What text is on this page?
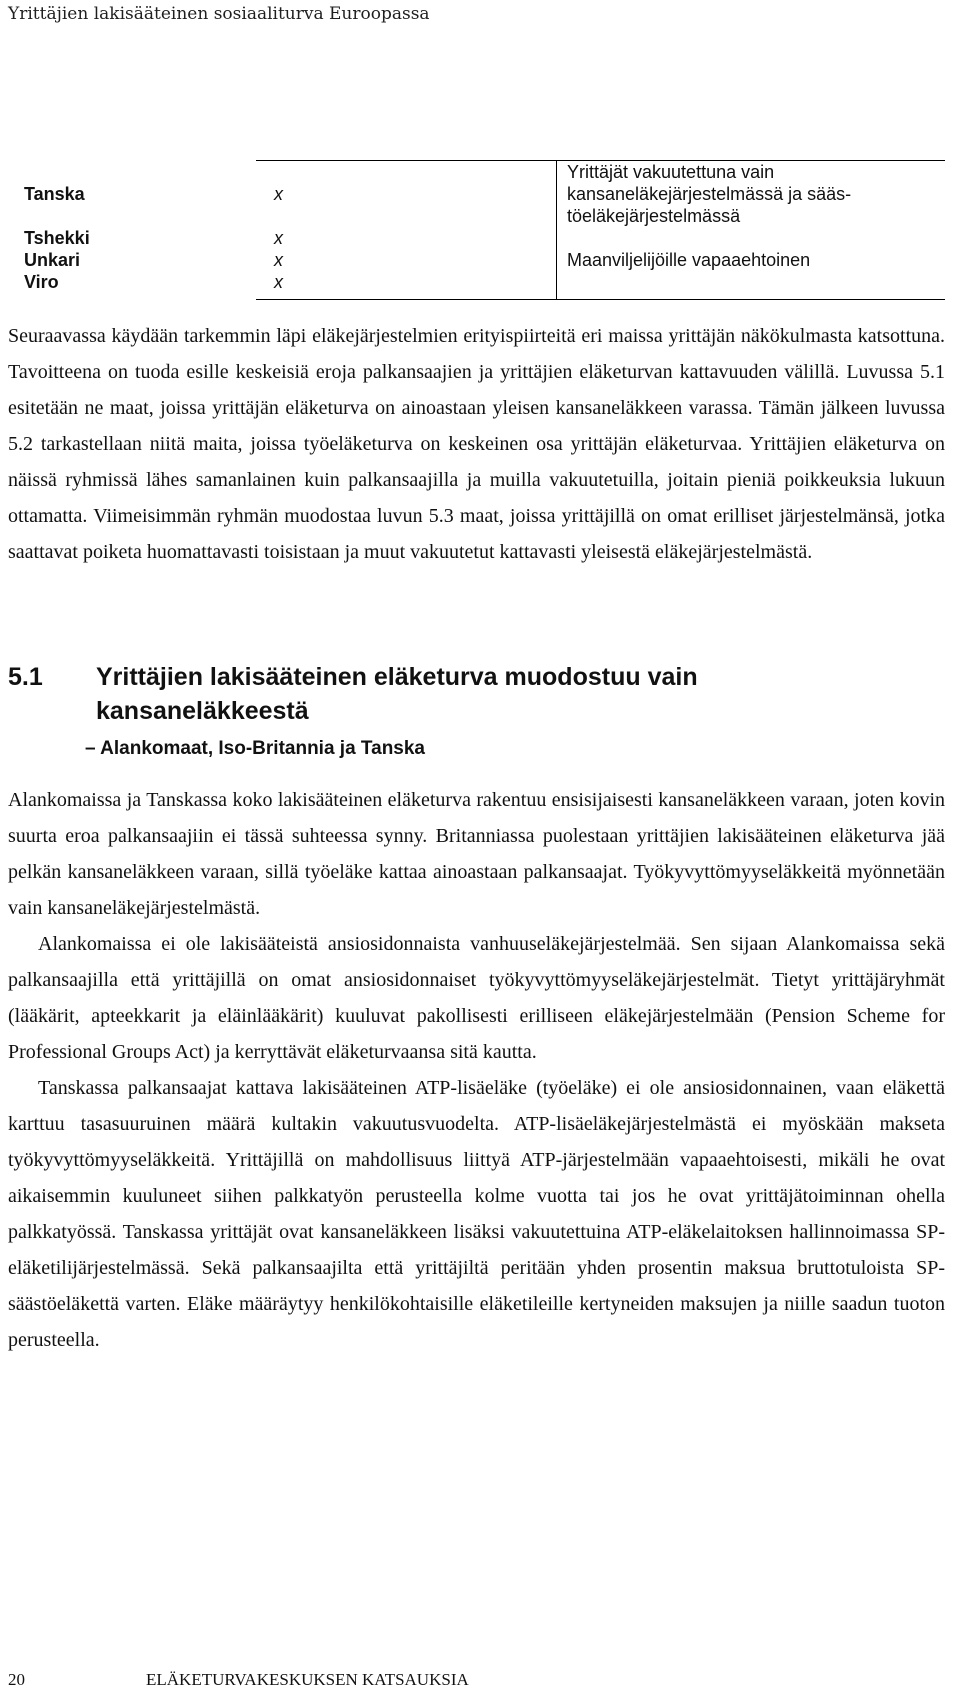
Yrittäjien lakisääteinen sosiaaliturva Euroopassa
Tanska	x	Yrittäjät vakuutettuna vain kansaneläkejärjestelmässä ja säästöeläkejärjestelmässä
Tshekki	x	
Unkari	x	Maanviljelijöille vapaaehtoinen
Viro	x	
Seuraavassa käydään tarkemmin läpi eläkejärjestelmien erityispiirteitä eri maissa yrittäjän näkökulmasta katsottuna. Tavoitteena on tuoda esille keskeisiä eroja palkansaajien ja yrittäjien eläketurvan kattavuuden välillä. Luvussa 5.1 esitetään ne maat, joissa yrittäjän eläketurva on ainoastaan yleisen kansaneläkkeen varassa. Tämän jälkeen luvussa 5.2 tarkastellaan niitä maita, joissa työeläketurva on keskeinen osa yrittäjän eläketurvaa. Yrittäjien eläketurva on näissä ryhmissä lähes samanlainen kuin palkansaajilla ja muilla vakuutetuilla, joitain pieniä poikkeuksia lukuun ottamatta. Viimeisimmän ryhmän muodostaa luvun 5.3 maat, joissa yrittäjillä on omat erilliset järjestelmänsä, jotka saattavat poiketa huomattavasti toisistaan ja muut vakuutetut kattavasti yleisestä eläkejärjestelmästä.
5.1 Yrittäjien lakisääteinen eläketurva muodostuu vain kansaneläkkeestä
– Alankomaat, Iso-Britannia ja Tanska

Alankomaissa ja Tanskassa koko lakisääteinen eläketurva rakentuu ensisijaisesti kansaneläkkeen varaan, joten kovin suurta eroa palkansaajiin ei tässä suhteessa synny. Britanniassa puolestaan yrittäjien lakisääteinen eläketurva jää pelkän kansaneläkkeen varaan, sillä työeläke kattaa ainoastaan palkansaajat. Työkyvyttömyyseläkkeitä myönnetään vain kansaneläkejärjestelmästä.

Alankomaissa ei ole lakisääteistä ansiosidonnaista vanhuuseläkejärjestelmää. Sen sijaan Alankomaissa sekä palkansaajilla että yrittäjillä on omat ansiosidonnaiset työkyvyttömyyseläkejärjestelmät. Tietyt yrittäjäryhmät (lääkärit, apteekkarit ja eläinlääkärit) kuuluvat pakollisesti erilliseen eläkejärjestelmään (Pension Scheme for Professional Groups Act) ja kerryttävät eläketurvaansa sitä kautta.

Tanskassa palkansaajat kattava lakisääteinen ATP-lisäeläke (työeläke) ei ole ansiosidonnainen, vaan eläkettä karttuu tasasuuruinen määrä kultakin vakuutusvuodelta. ATP-lisäeläkejärjestelmästä ei myöskään makseta työkyvyttömyyseläkkeitä. Yrittäjillä on mahdollisuus liittyä ATP-järjestelmään vapaaehtoisesti, mikäli he ovat aikaisemmin kuuluneet siihen palkkatyön perusteella kolme vuotta tai jos he ovat yrittäjätoiminnan ohella palkkatyössä. Tanskassa yrittäjät ovat kansaneläkkeen lisäksi vakuutettuina ATP-eläkelaitoksen hallinnoimassa SP-eläketilijärjestelmässä. Sekä palkansaajilta että yrittäjiltä peritään yhden prosentin maksua bruttotuloista SP-säästöeläkettä varten. Eläke määräytyy henkilökohtaisille eläketileille kertyneiden maksujen ja niille saadun tuoton perusteella.

20	ELÄKETURVAKESKUKSEN KATSAUKSIA
